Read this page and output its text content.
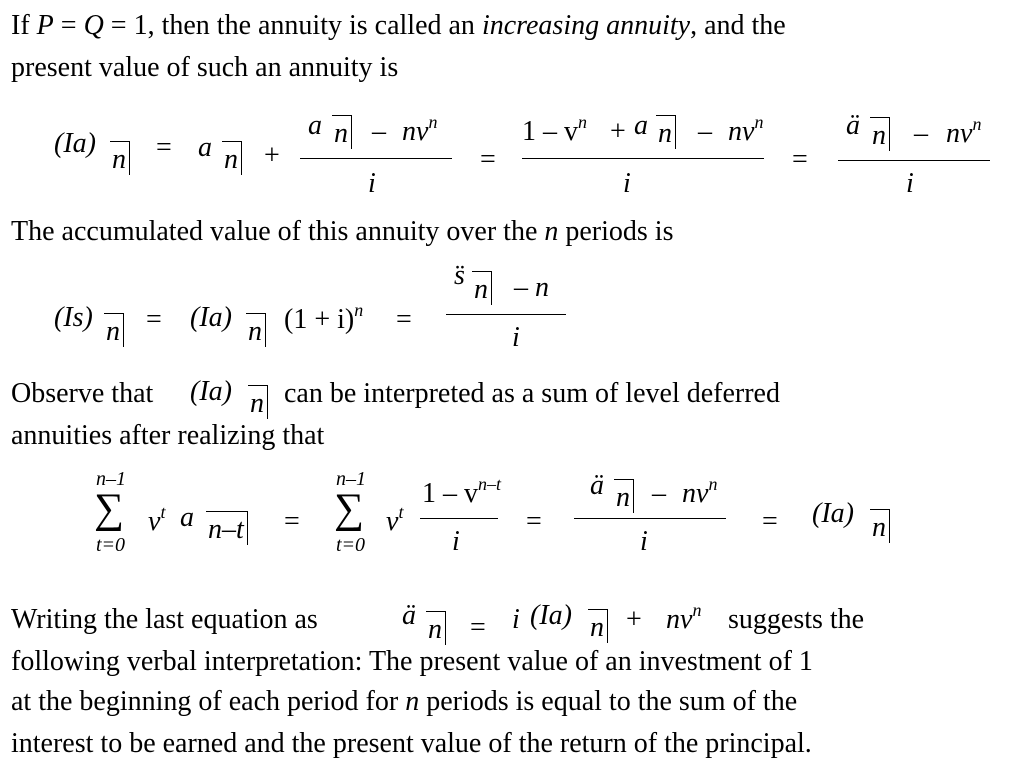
If P = Q = 1, then the annuity is called an increasing annuity, and the
present value of such an annuity is
(Ia)
n = a n +
a n – $nv^n$
i
=
$1 - v^n + a$ n – $nv^n$
i
=
ä n – $nv^n$
i
The accumulated value of this annuity over the n periods is
(Is) n = (Ia) n $(1 + i)^n$ =
s̈ n – n
i
Observe that (Ia) n can be interpreted as a sum of level deferred
annuities after realizing that
n–1
∑
t=0
$v^t$ a n–t =
n–1
∑
t=0
$v^t$
$1 - v^{n-t}$
i
=
ä n – $nv^n$
i
= (Ia) n
Writing the last equation as	ä n = i (Ia) $n + nv^n$ suggests the
following verbal interpretation: The present value of an investment of 1
at the beginning of each period for n periods is equal to the sum of the
interest to be earned and the present value of the return of the principal.
